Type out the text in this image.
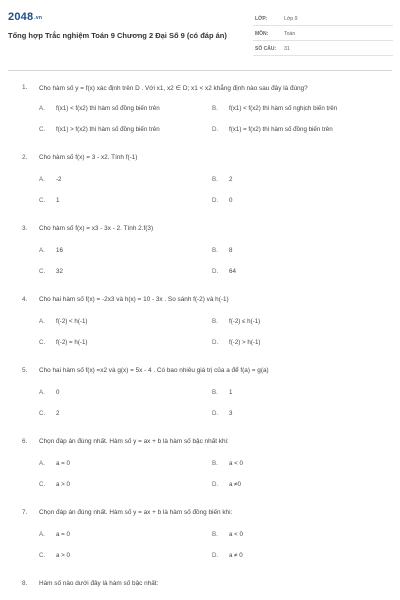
2048.vn
Tổng hợp Trắc nghiệm Toán 9 Chương 2 Đại Số 9 (có đáp án)
LỚP:	Lớp 9
MÔN:	Toán
SỐ CÂU: 31
1. Cho hàm số y = f(x) xác định trên D . Với x1, x2 ∈ D; x1 < x2 khẳng định nào sau đây là đúng?
A. f(x1) < f(x2) thì hàm số đồng biến trên	B. f(x1) < f(x2) thì hàm số nghịch biến trên
C. f(x1) > f(x2) thì hàm số đồng biến trên	D. f(x1) = f(x2) thì hàm số đồng biến trên
2. Cho hàm số f(x) = 3 - x2. Tính f(-1)
A. -2	B. 2
C. 1	D. 0
3. Cho hàm số f(x) = x3 - 3x - 2. Tính 2.f(3)
A. 16	B. 8
C. 32	D. 64
4. Cho hai hàm số f(x) = -2x3 và h(x) = 10 - 3x . So sánh f(-2) và h(-1)
A. f(-2) < h(-1)	B. f(-2) ≤ h(-1)
C. f(-2) = h(-1)	D. f(-2) > h(-1)
5. Cho hai hàm số f(x) =x2 và g(x) = 5x - 4 . Có bao nhiêu giá trị của a để f(a) = g(a)
A. 0	B. 1
C. 2	D. 3
6. Chọn đáp án đúng nhất. Hàm số y = ax + b là hàm số bậc nhất khi:
A. a = 0	B. a < 0
C. a > 0	D. a ≠0
7. Chọn đáp án đúng nhất. Hàm số y = ax + b là hàm số đồng biến khi:
A. a = 0	B. a < 0
C. a > 0	D. a ≠ 0
8. Hàm số nào dưới đây là hàm số bậc nhất:
